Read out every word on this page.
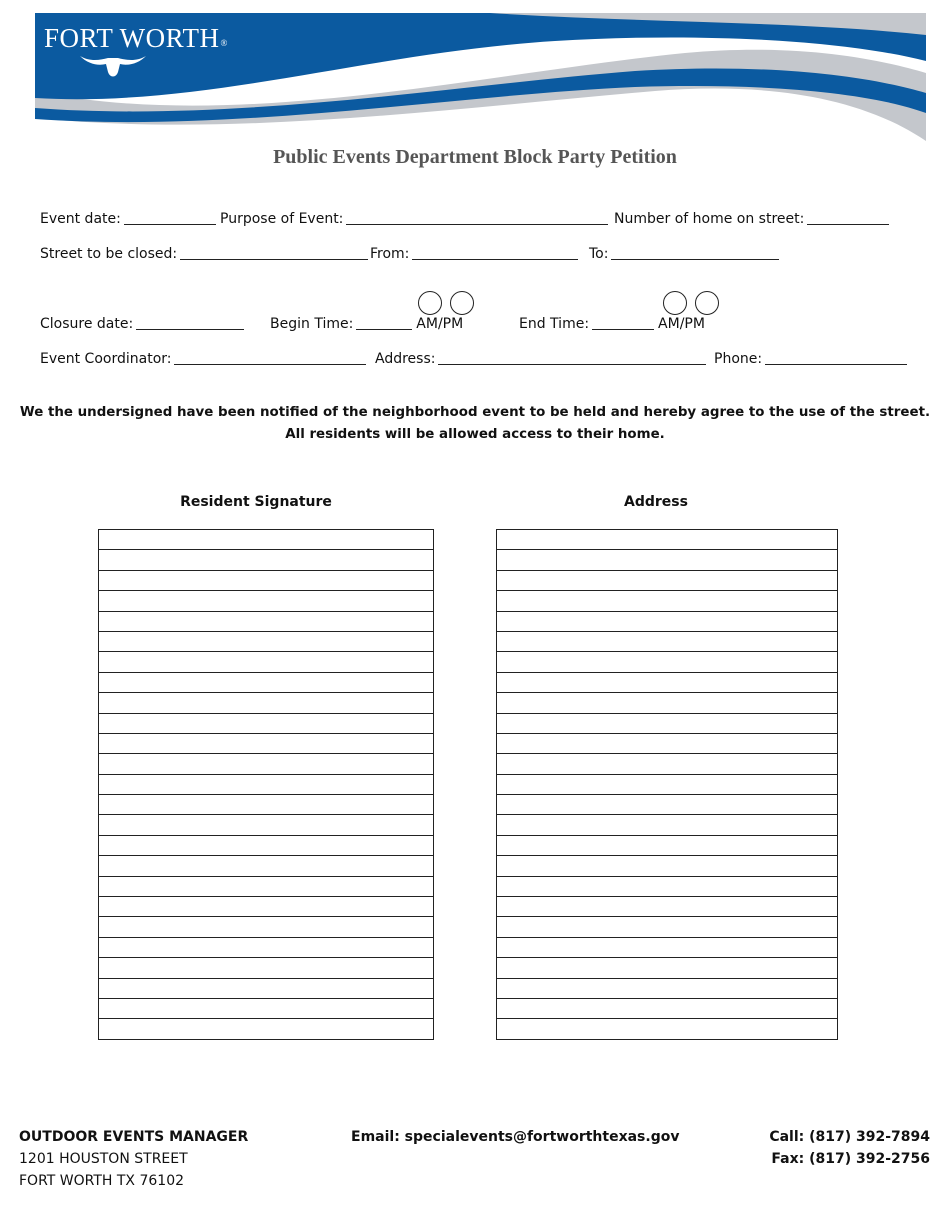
FORT WORTH®
Public Events Department Block Party Petition
Event date:	Purpose of Event:	Number of home on street:
Street to be closed:	From:	To:
Closure date:	Begin Time:	AM/PM	End Time:	AM/PM
Event Coordinator:	Address:	Phone:
We the undersigned have been notified of the neighborhood event to be held and hereby agree to the use of the street.
All residents will be allowed access to their home.
Resident Signature	Address
OUTDOOR EVENTS MANAGER
1201 HOUSTON STREET
FORT WORTH TX 76102
Email: specialevents@fortworthtexas.gov	Call: (817) 392-7894
Fax: (817) 392-2756
